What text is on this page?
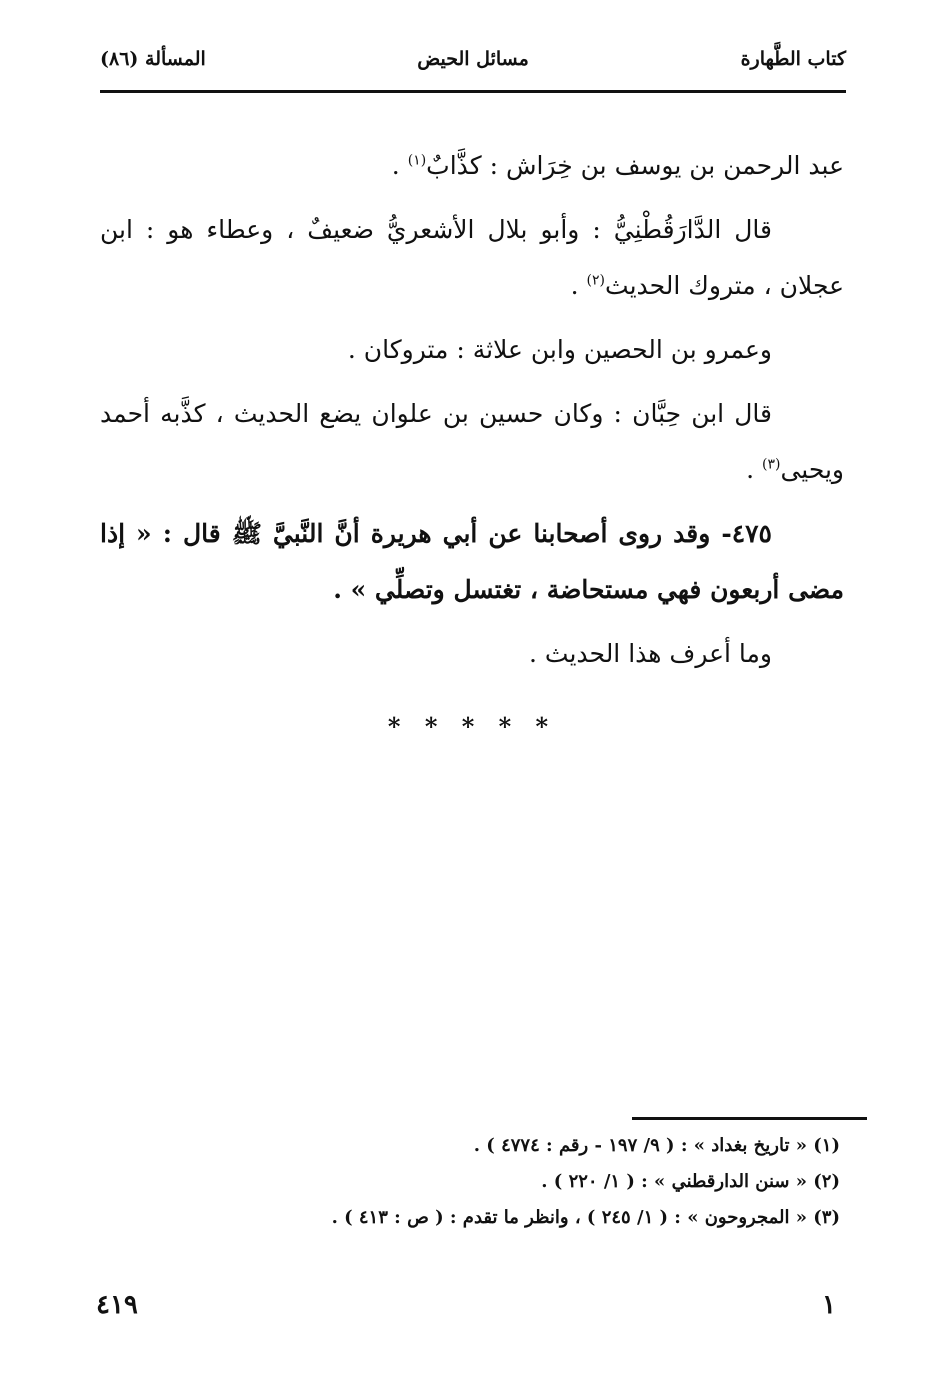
كتاب الطَّهارة
مسائل الحيض
المسألة (٨٦)

عبد الرحمن بن يوسف بن خِرَاش : كذَّابٌ$^{(١)}$ .

قال الدَّارَقُطْنِيُّ : وأبو بلال الأشعريُّ ضعيفٌ ، وعطاء هو : ابن عجلان ، متروك الحديث$^{(٢)}$ .

وعمرو بن الحصين وابن علاثة : متروكان .

قال ابن حِبَّان : وكان حسين بن علوان يضع الحديث ، كذَّبه أحمد ويحيى$^{(٣)}$ .

٤٧٥- وقد روى أصحابنا عن أبي هريرة أنَّ النَّبيَّ ﷺ قال : « إذا مضى أربعون فهي مستحاضة ، تغتسل وتصلِّي » .

وما أعرف هذا الحديث .

* * * * *

(١) « تاريخ بغداد » : ( ٩/ ١٩٧ - رقم : ٤٧٧٤ ) .

(٢) « سنن الدارقطني » : ( ١/ ٢٢٠ ) .

(٣) « المجروحون » : ( ١/ ٢٤٥ ) ، وانظر ما تقدم : ( ص : ٤١٣ ) .

٤١٩	١
